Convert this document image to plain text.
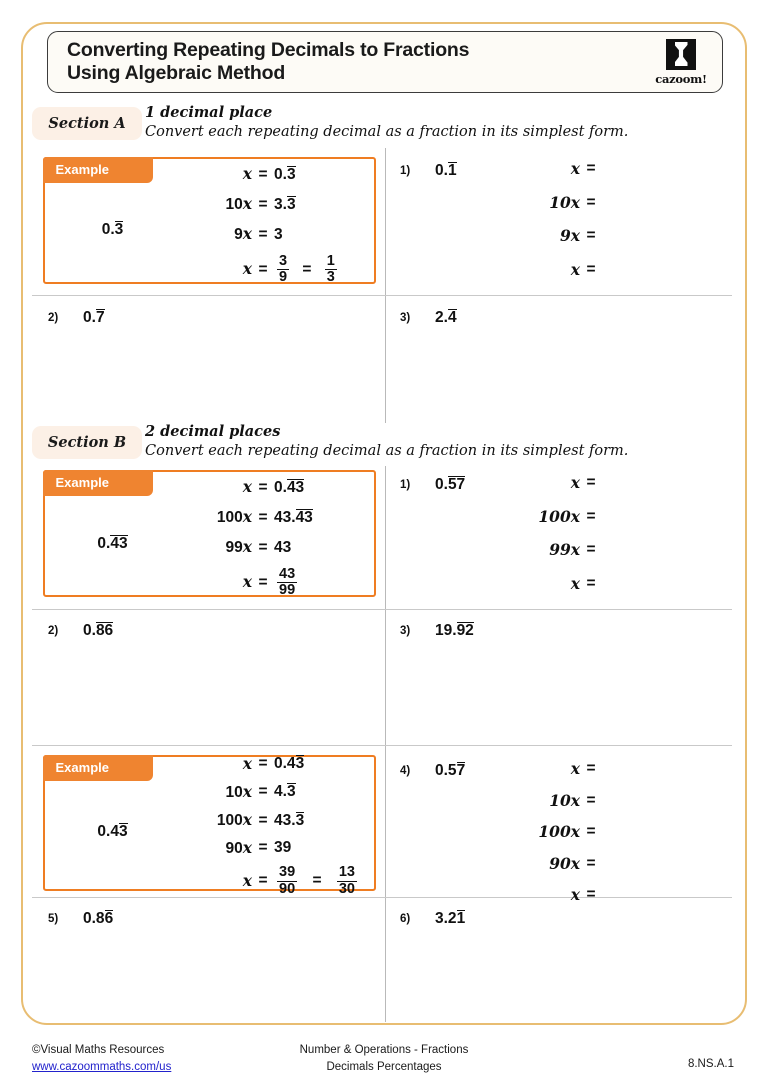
Converting Repeating Decimals to Fractions
Using Algebraic Method	cazoom!
Section A
1 decimal place
Convert each repeating decimal as a fraction in its simplest form.
Example
0.3
x = 0.3
10x = 3.3
9x = 3
$x = \frac{3}{9} = \frac{1}{3}$
1) 0.1	x =
10x =
9x =
x =
2) 0.7	3) 2.4
Section B
2 decimal places
Convert each repeating decimal as a fraction in its simplest form.
Example
0.43
x = 0.43
100x = 43.43
99x = 43
$x = \frac{43}{99}$
1) 0.57	x =
100x =
99x =
x =
2) 0.86	3) 19.92
Example
0.43
x = 0.43
10x = 4.3
100x = 43.3
90x = 39
$x = \frac{39}{90} = \frac{13}{30}$
4) 0.57	x =
10x =
100x =
90x =
x =
5) 0.86	6) 3.21
©Visual Maths Resources
www.cazoommaths.com/us
Number & Operations - Fractions
Decimals Percentages	8.NS.A.1
